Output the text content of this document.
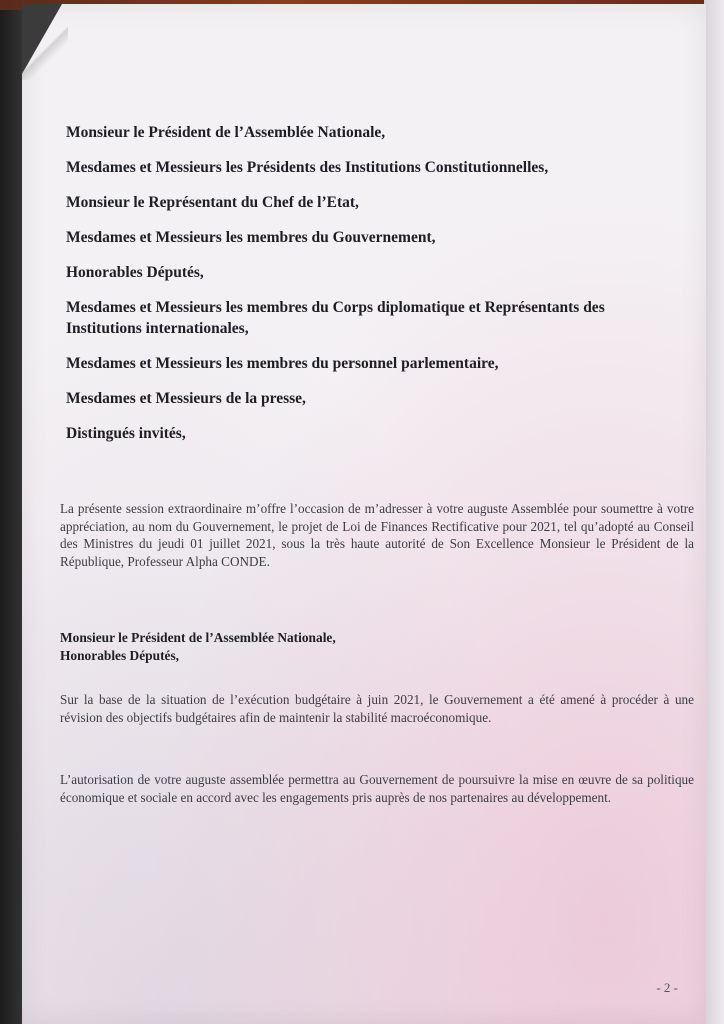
Monsieur le Président de l’Assemblée Nationale,
Mesdames et Messieurs les Présidents des Institutions Constitutionnelles,
Monsieur le Représentant du Chef de l’Etat,
Mesdames et Messieurs les membres du Gouvernement,
Honorables Députés,
Mesdames et Messieurs les membres du Corps diplomatique et Représentants des Institutions internationales,
Mesdames et Messieurs les membres du personnel parlementaire,
Mesdames et Messieurs de la presse,
Distingués invités,
La présente session extraordinaire m’offre l’occasion de m’adresser à votre auguste Assemblée pour soumettre à votre appréciation, au nom du Gouvernement, le projet de Loi de Finances Rectificative pour 2021, tel qu’adopté au Conseil des Ministres du jeudi 01 juillet 2021, sous la très haute autorité de Son Excellence Monsieur le Président de la République, Professeur Alpha CONDE.
Monsieur le Président de l’Assemblée Nationale,
Honorables Députés,
Sur la base de la situation de l’exécution budgétaire à juin 2021, le Gouvernement a été amené à procéder à une révision des objectifs budgétaires afin de maintenir la stabilité macroéconomique.
L’autorisation de votre auguste assemblée permettra au Gouvernement de poursuivre la mise en œuvre de sa politique économique et sociale en accord avec les engagements pris auprès de nos partenaires au développement.
- 2 -
